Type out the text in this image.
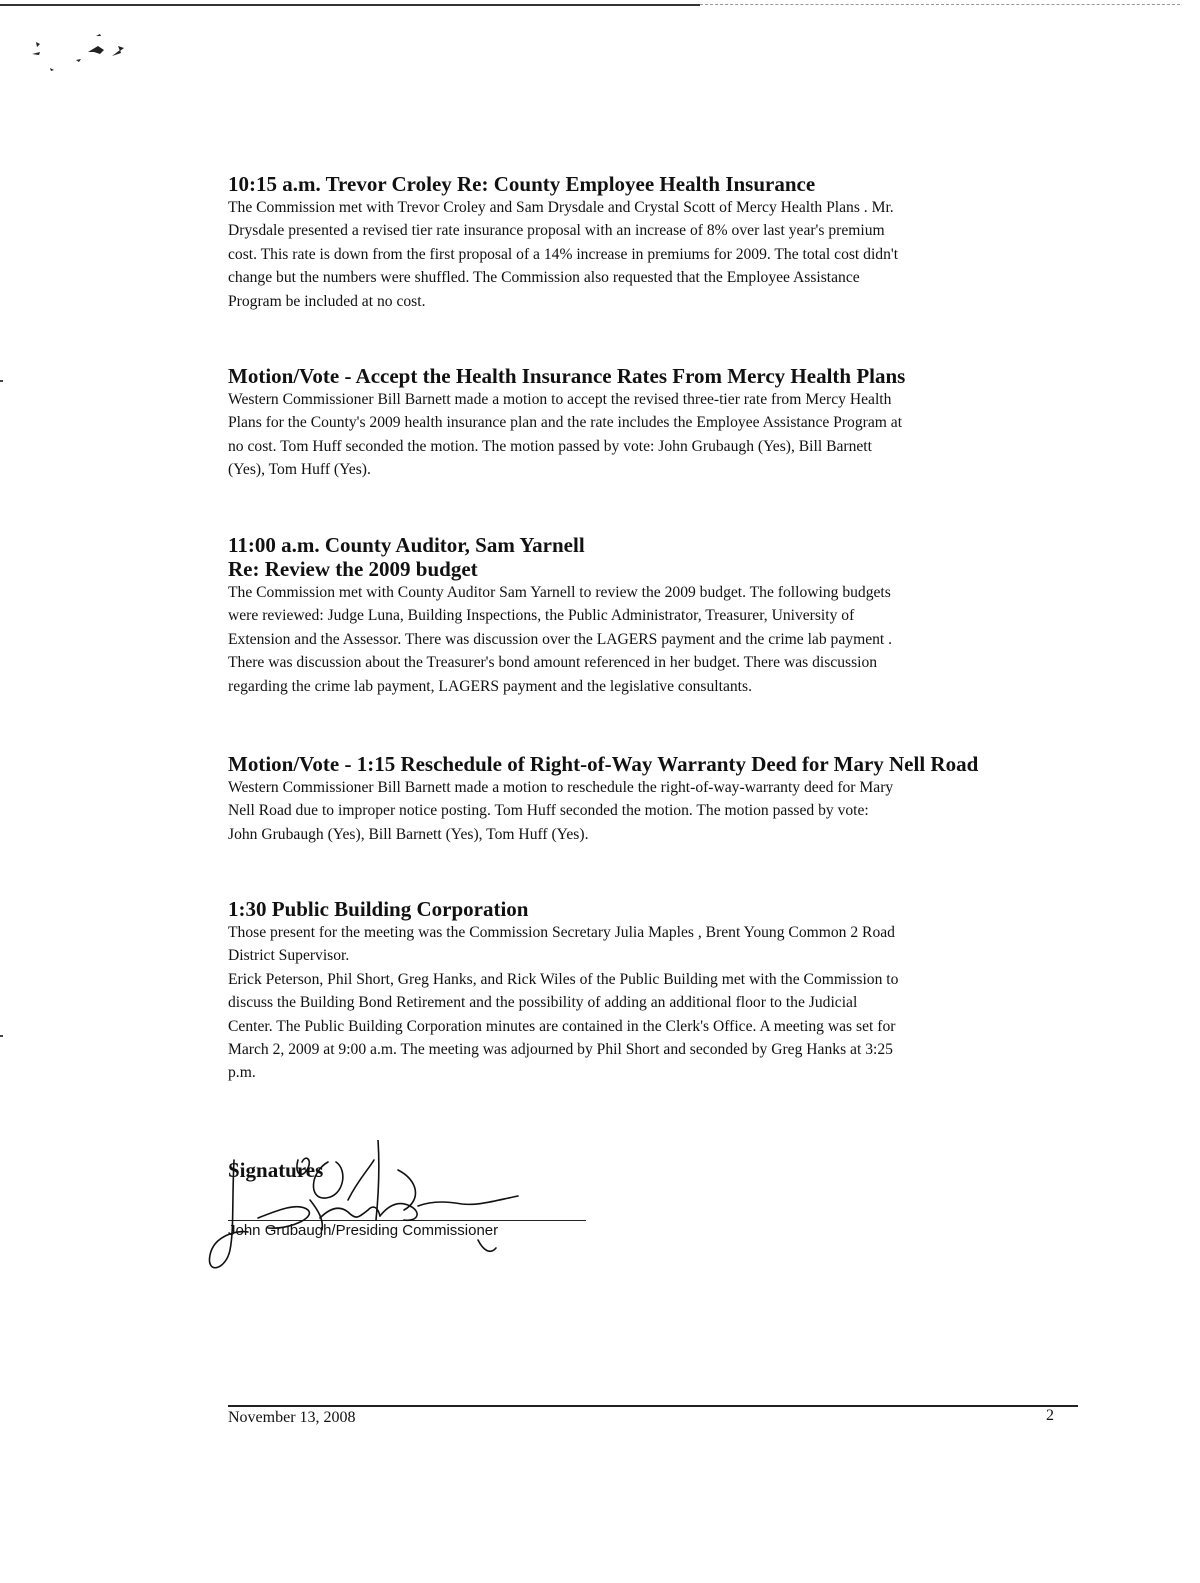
10:15 a.m. Trevor Croley Re: County Employee Health Insurance
The Commission met with Trevor Croley and Sam Drysdale and Crystal Scott of Mercy Health Plans . Mr.
Drysdale presented a revised tier rate insurance proposal with an increase of 8% over last year's premium
cost. This rate is down from the first proposal of a 14% increase in premiums for 2009. The total cost didn't
change but the numbers were shuffled. The Commission also requested that the Employee Assistance
Program be included at no cost.
Motion/Vote - Accept the Health Insurance Rates From Mercy Health Plans
Western Commissioner Bill Barnett made a motion to accept the revised three-tier rate from Mercy Health
Plans for the County's 2009 health insurance plan and the rate includes the Employee Assistance Program at
no cost. Tom Huff seconded the motion. The motion passed by vote: John Grubaugh (Yes), Bill Barnett
(Yes), Tom Huff (Yes).
11:00 a.m. County Auditor, Sam Yarnell
Re: Review the 2009 budget
The Commission met with County Auditor Sam Yarnell to review the 2009 budget. The following budgets
were reviewed: Judge Luna, Building Inspections, the Public Administrator, Treasurer, University of
Extension and the Assessor. There was discussion over the LAGERS payment and the crime lab payment .
There was discussion about the Treasurer's bond amount referenced in her budget. There was discussion
regarding the crime lab payment, LAGERS payment and the legislative consultants.
Motion/Vote - 1:15 Reschedule of Right-of-Way Warranty Deed for Mary Nell Road
Western Commissioner Bill Barnett made a motion to reschedule the right-of-way-warranty deed for Mary
Nell Road due to improper notice posting. Tom Huff seconded the motion. The motion passed by vote:
John Grubaugh (Yes), Bill Barnett (Yes), Tom Huff (Yes).
1:30 Public Building Corporation
Those present for the meeting was the Commission Secretary Julia Maples , Brent Young Common 2 Road
District Supervisor.
Erick Peterson, Phil Short, Greg Hanks, and Rick Wiles of the Public Building met with the Commission to
discuss the Building Bond Retirement and the possibility of adding an additional floor to the Judicial
Center. The Public Building Corporation minutes are contained in the Clerk's Office. A meeting was set for
March 2, 2009 at 9:00 a.m. The meeting was adjourned by Phil Short and seconded by Greg Hanks at 3:25
p.m.
Signatures
John Grubaugh/Presiding Commissioner
November 13, 2008	2
